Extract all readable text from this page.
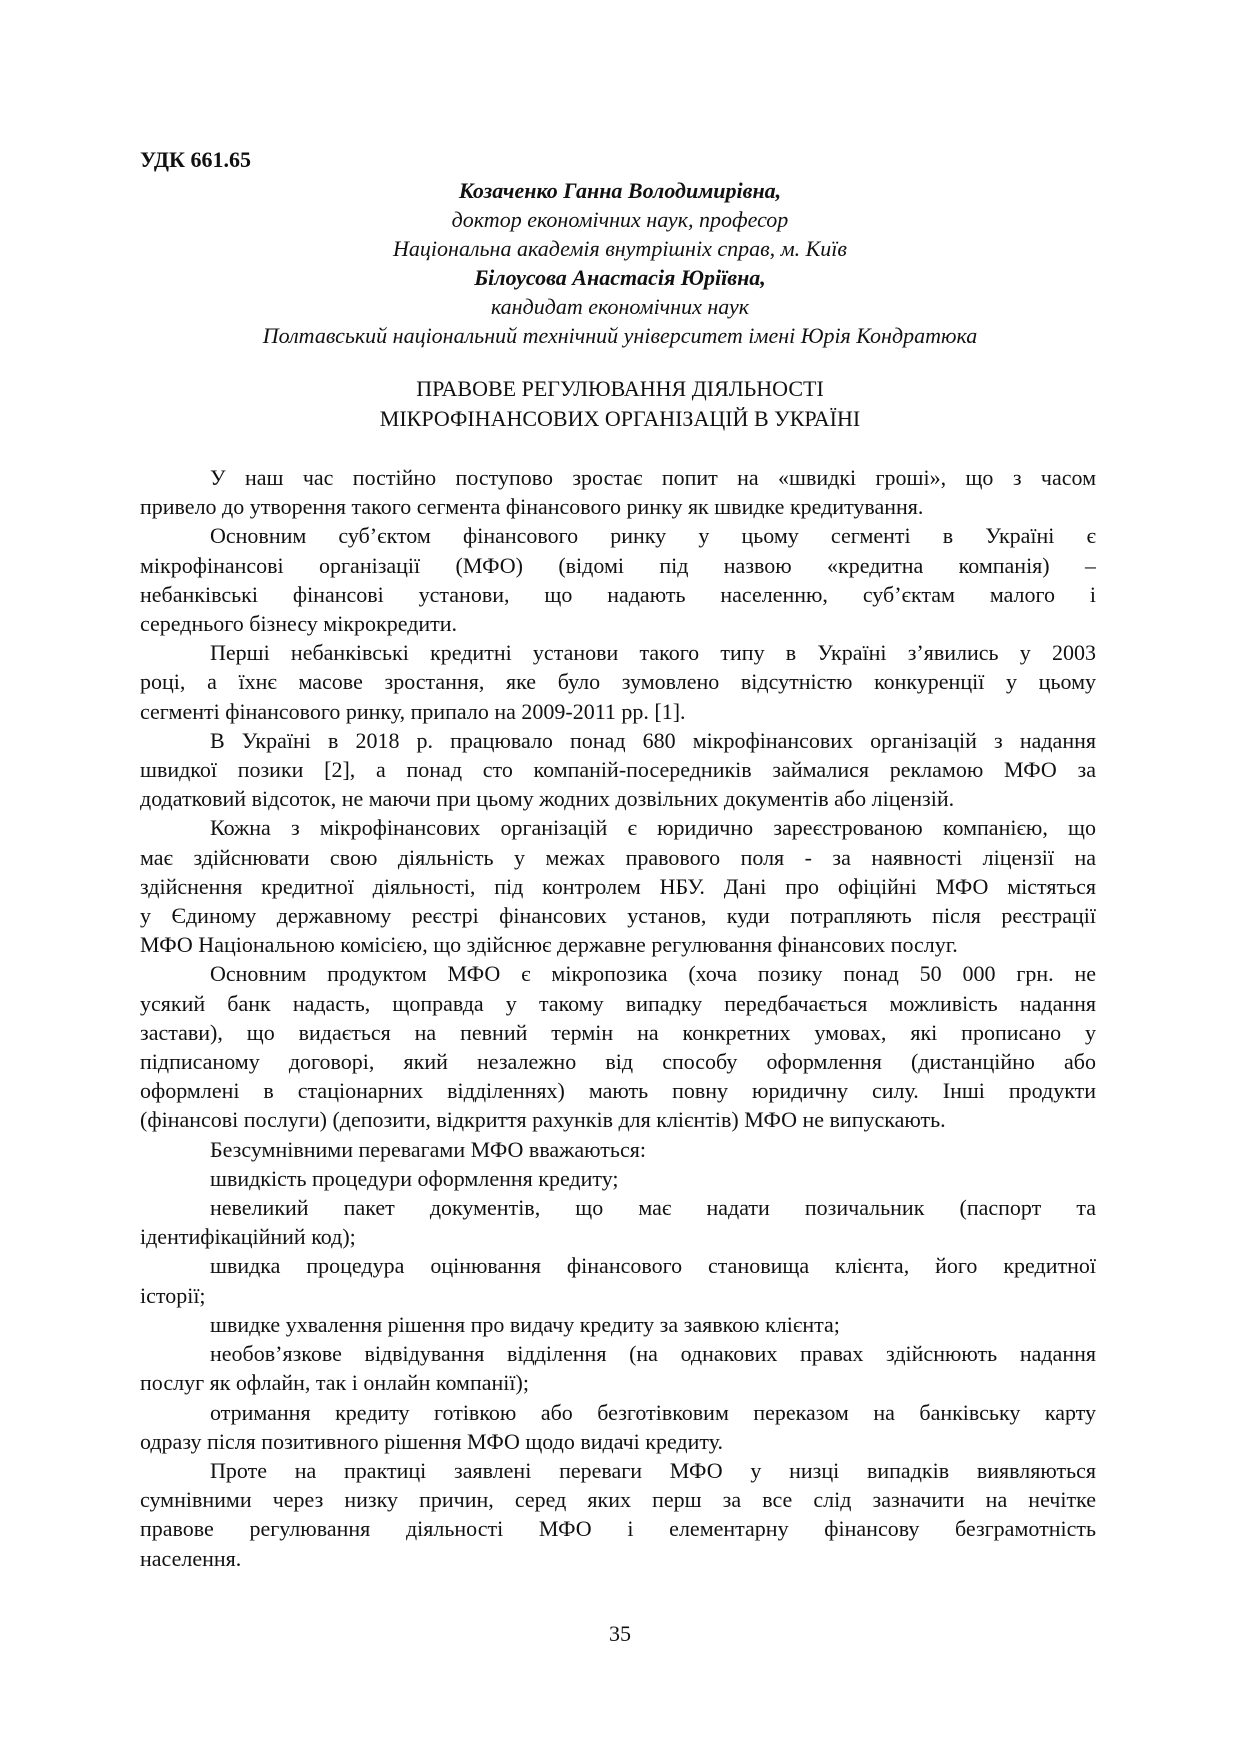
УДК 661.65
Козаченко Ганна Володимирівна,
доктор економічних наук, професор
Національна академія внутрішніх справ, м. Київ
Білоусова Анастасія Юріївна,
кандидат економічних наук
Полтавський національний технічний університет імені Юрія Кондратюка
ПРАВОВЕ РЕГУЛЮВАННЯ ДІЯЛЬНОСТІ
МІКРОФІНАНСОВИХ ОРГАНІЗАЦІЙ В УКРАЇНІ
У наш час постійно поступово зростає попит на «швидкі гроші», що з часом
привело до утворення такого сегмента фінансового ринку як швидке кредитування.
Основним суб’єктом фінансового ринку у цьому сегменті в Україні є
мікрофінансові організації (МФО) (відомі під назвою «кредитна компанія) –
небанківські фінансові установи, що надають населенню, суб’єктам малого і
середнього бізнесу мікрокредити.
Перші небанківські кредитні установи такого типу в Україні з’явились у 2003
році, а їхнє масове зростання, яке було зумовлено відсутністю конкуренції у цьому
сегменті фінансового ринку, припало на 2009-2011 рр. [1].
В Україні в 2018 р. працювало понад 680 мікрофінансових організацій з надання
швидкої позики [2], а понад сто компаній-посередників займалися рекламою МФО за
додатковий відсоток, не маючи при цьому жодних дозвільних документів або ліцензій.
Кожна з мікрофінансових організацій є юридично зареєстрованою компанією, що
має здійснювати свою діяльність у межах правового поля - за наявності ліцензії на
здійснення кредитної діяльності, під контролем НБУ. Дані про офіційні МФО містяться
у Єдиному державному реєстрі фінансових установ, куди потрапляють після реєстрації
МФО Національною комісією, що здійснює державне регулювання фінансових послуг.
Основним продуктом МФО є мікропозика (хоча позику понад 50 000 грн. не
усякий банк надасть, щоправда у такому випадку передбачається можливість надання
застави), що видається на певний термін на конкретних умовах, які прописано у
підписаному договорі, який незалежно від способу оформлення (дистанційно або
оформлені в стаціонарних відділеннях) мають повну юридичну силу. Інші продукти
(фінансові послуги) (депозити, відкриття рахунків для клієнтів) МФО не випускають.
Безсумнівними перевагами МФО вважаються:
швидкість процедури оформлення кредиту;
невеликий пакет документів, що має надати позичальник (паспорт та
ідентифікаційний код);
швидка процедура оцінювання фінансового становища клієнта, його кредитної
історії;
швидке ухвалення рішення про видачу кредиту за заявкою клієнта;
необов’язкове відвідування відділення (на однакових правах здійснюють надання
послуг як офлайн, так і онлайн компанії);
отримання кредиту готівкою або безготівковим переказом на банківську карту
одразу після позитивного рішення МФО щодо видачі кредиту.
Проте на практиці заявлені переваги МФО у низці випадків виявляються
сумнівними через низку причин, серед яких перш за все слід зазначити на нечітке
правове регулювання діяльності МФО і елементарну фінансову безграмотність
населення.
35
